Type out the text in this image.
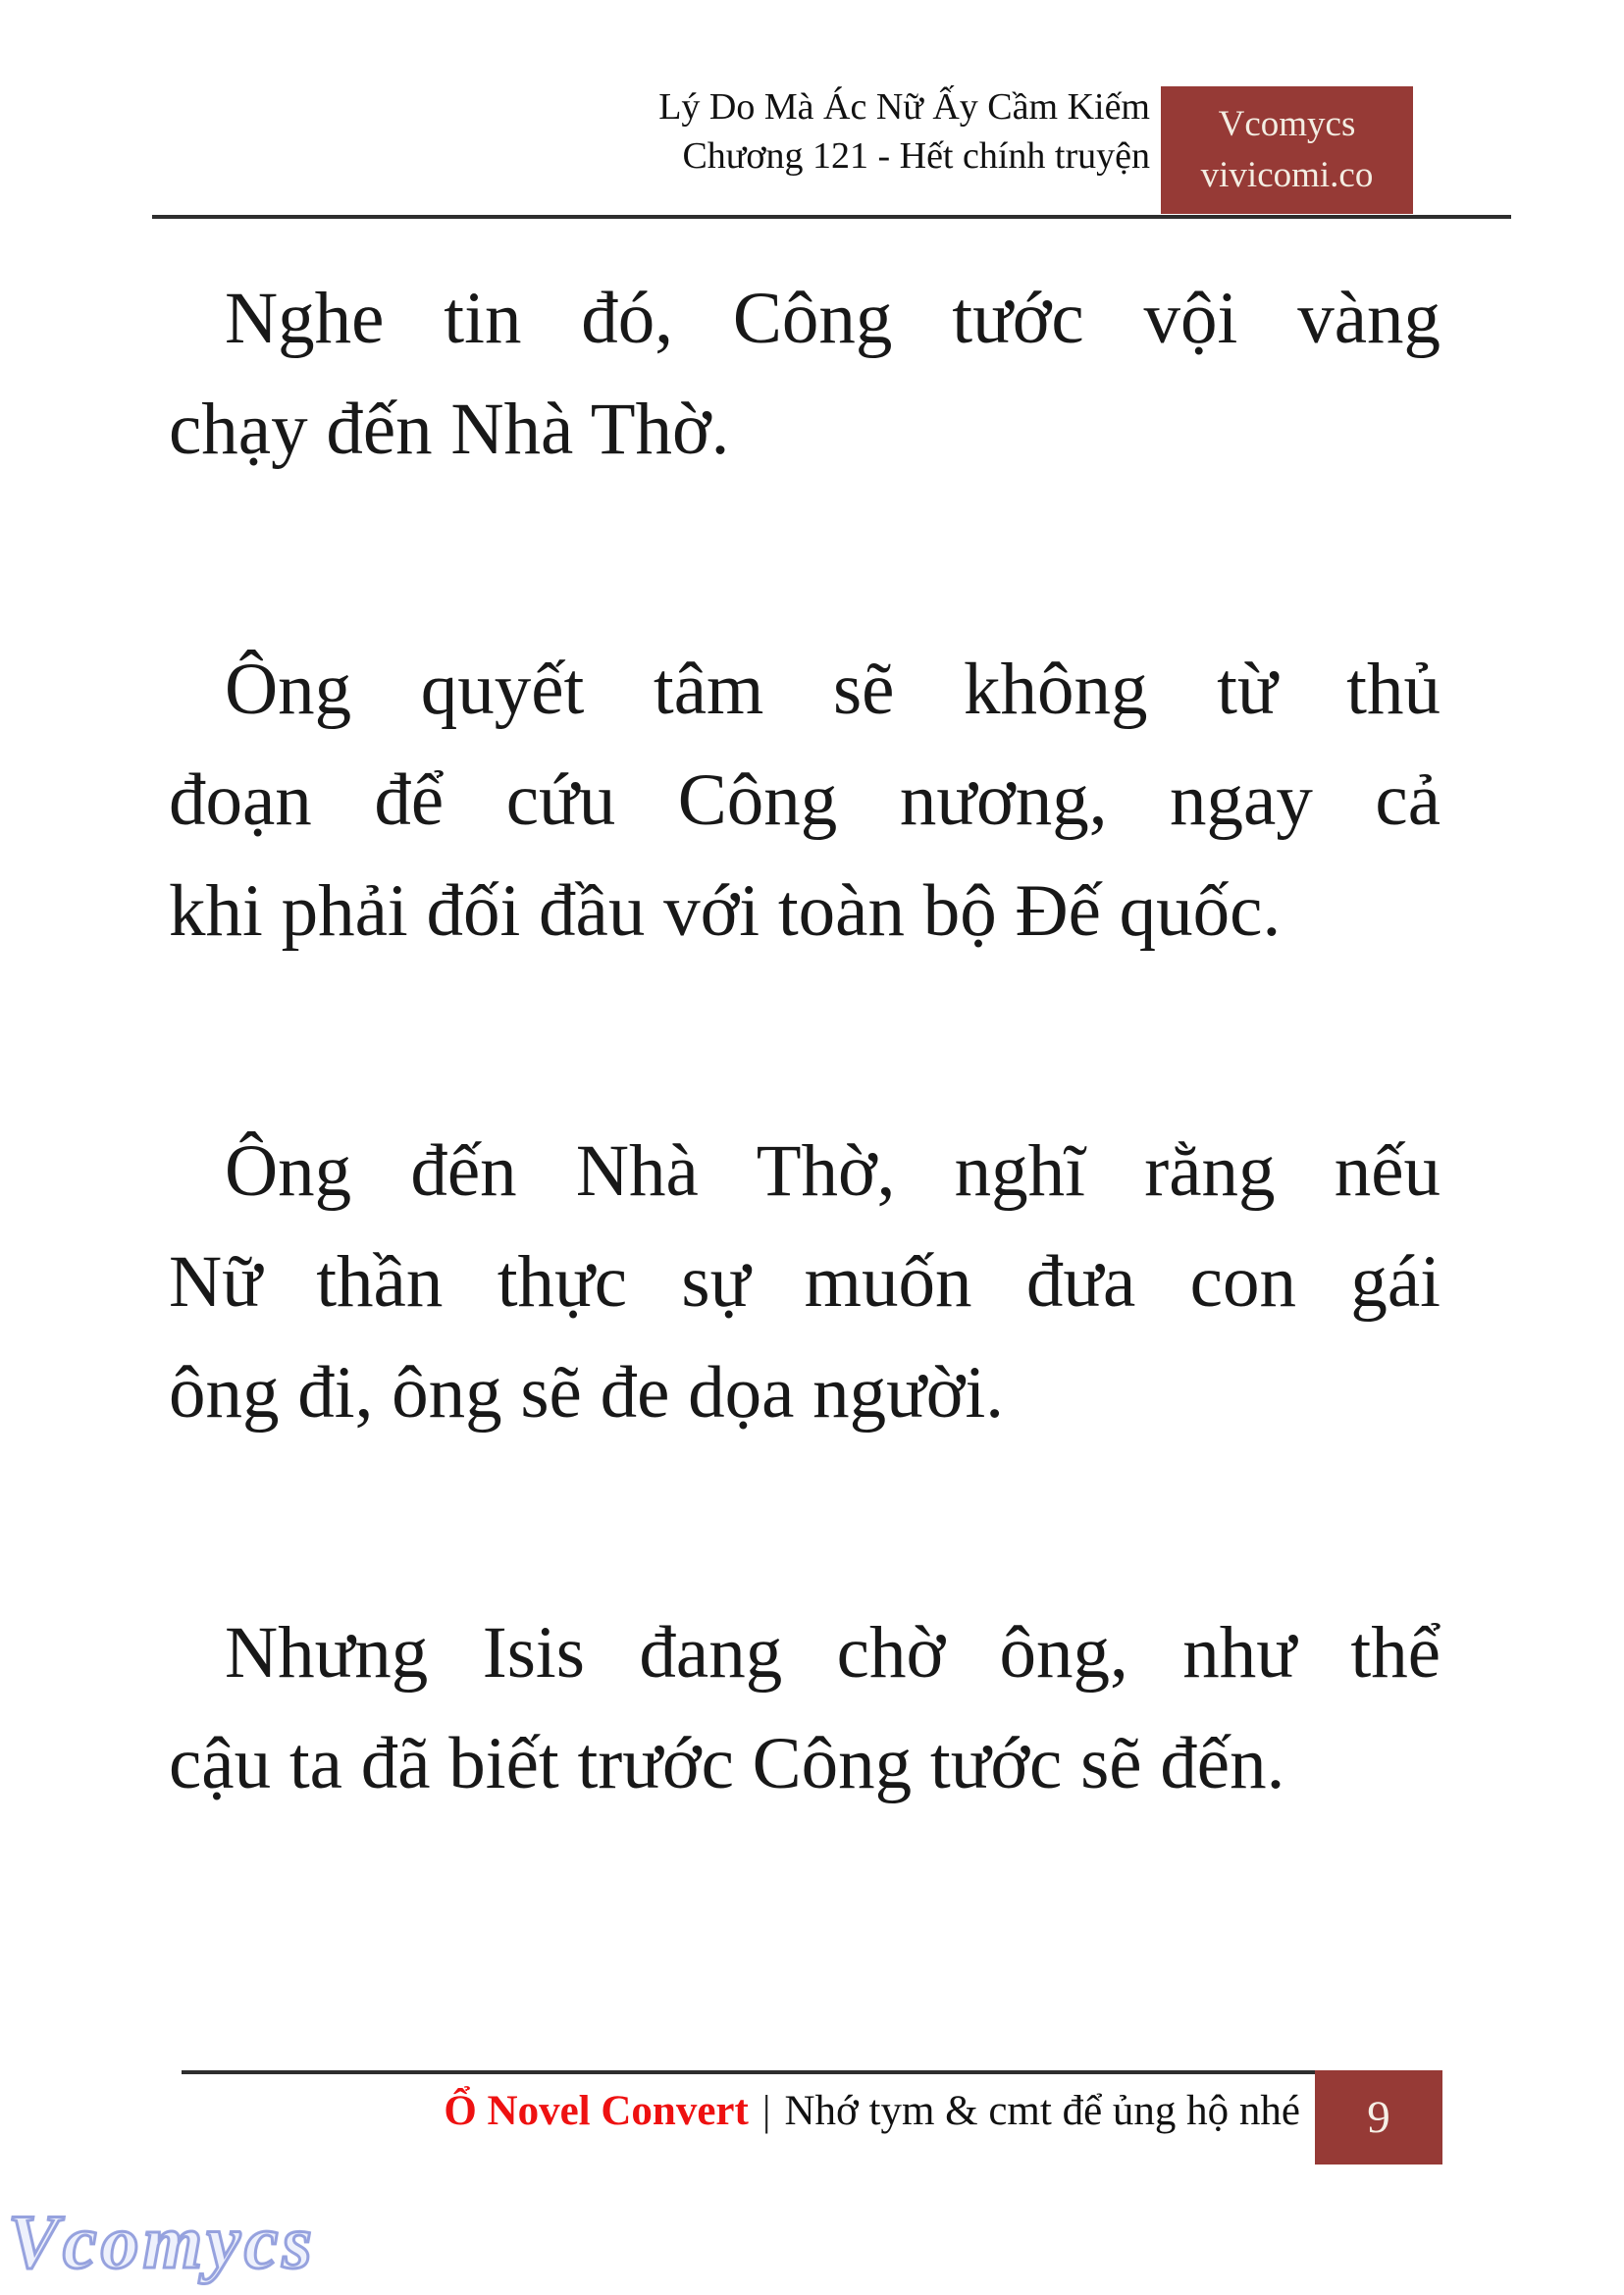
Lý Do Mà Ác Nữ Ấy Cầm Kiếm
Chương 121 - Hết chính truyện
Vcomycs
vivicomi.co
Nghe tin đó, Công tước vội vàng
chạy đến Nhà Thờ.
Ông quyết tâm sẽ không từ thủ
đoạn để cứu Công nương, ngay cả
khi phải đối đầu với toàn bộ Đế quốc.
Ông đến Nhà Thờ, nghĩ rằng nếu
Nữ thần thực sự muốn đưa con gái
ông đi, ông sẽ đe dọa người.
Nhưng Isis đang chờ ông, như thể
cậu ta đã biết trước Công tước sẽ đến.
Ổ Novel Convert | Nhớ tym & cmt để ủng hộ nhé 9
Vcomycs
